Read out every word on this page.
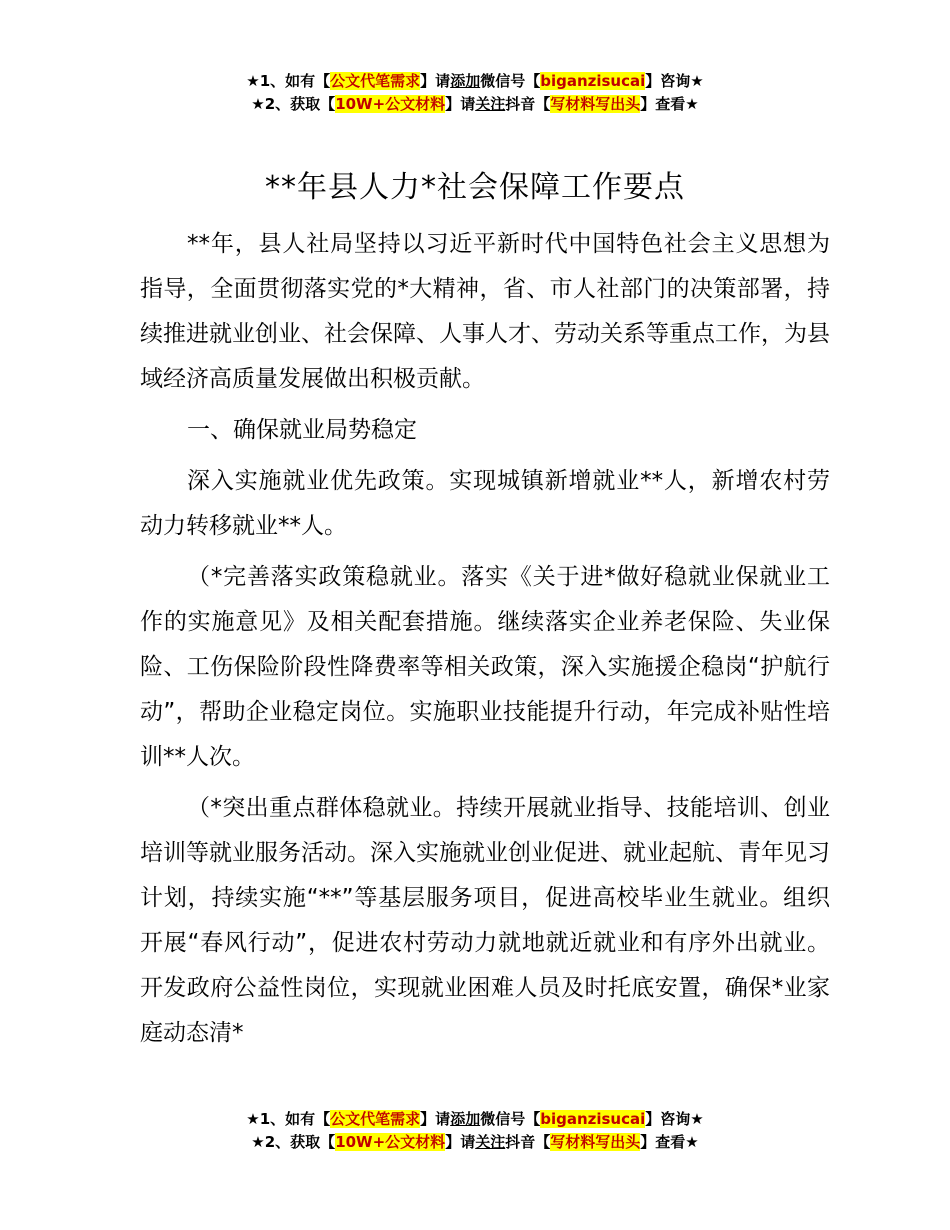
★1、如有【公文代笔需求】请添加微信号【biganzisucai】咨询★
★2、获取【10W+公文材料】请关注抖音【写材料写出头】查看★
**年县人力*社会保障工作要点

**年，县人社局坚持以习近平新时代中国特色社会主义思想为指导，全面贯彻落实党的*大精神，省、市人社部门的决策部署，持续推进就业创业、社会保障、人事人才、劳动关系等重点工作，为县域经济高质量发展做出积极贡献。

一、确保就业局势稳定

深入实施就业优先政策。实现城镇新增就业**人，新增农村劳动力转移就业**人。

（*完善落实政策稳就业。落实《关于进*做好稳就业保就业工作的实施意见》及相关配套措施。继续落实企业养老保险、失业保险、工伤保险阶段性降费率等相关政策，深入实施援企稳岗“护航行动”，帮助企业稳定岗位。实施职业技能提升行动，年完成补贴性培训**人次。

（*突出重点群体稳就业。持续开展就业指导、技能培训、创业培训等就业服务活动。深入实施就业创业促进、就业起航、青年见习计划，持续实施“**”等基层服务项目，促进高校毕业生就业。组织开展“春风行动”，促进农村劳动力就地就近就业和有序外出就业。开发政府公益性岗位，实现就业困难人员及时托底安置，确保*业家庭动态清*

★1、如有【公文代笔需求】请添加微信号【biganzisucai】咨询★
★2、获取【10W+公文材料】请关注抖音【写材料写出头】查看★
